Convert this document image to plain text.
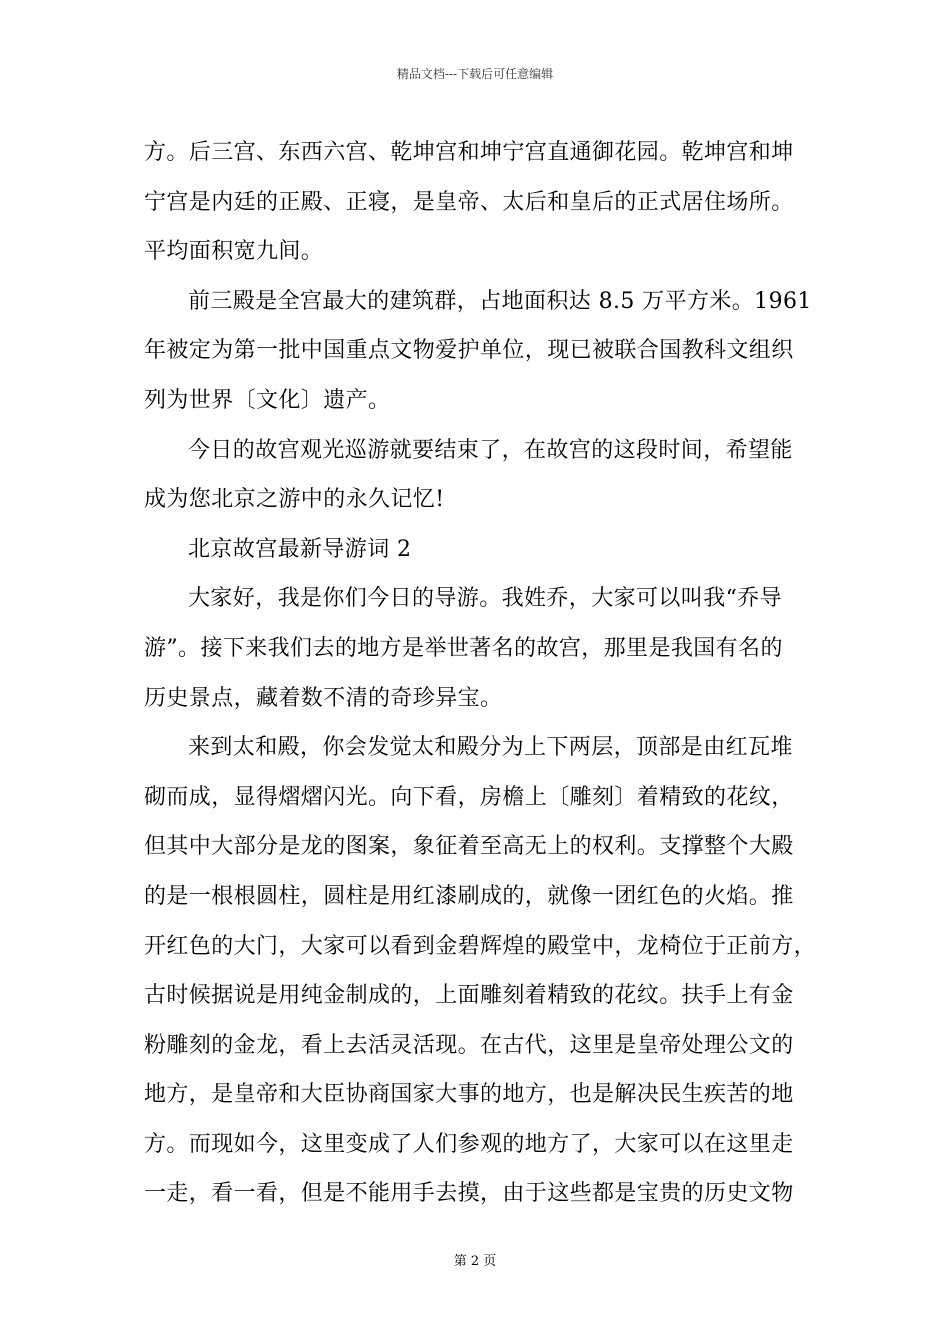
精品文档---下载后可任意编辑
方。后三宫、东西六宫、乾坤宫和坤宁宫直通御花园。乾坤宫和坤
宁宫是内廷的正殿、正寝，是皇帝、太后和皇后的正式居住场所。
平均面积宽九间。
前三殿是全宫最大的建筑群，占地面积达 8.5 万平方米。1961
年被定为第一批中国重点文物爱护单位，现已被联合国教科文组织
列为世界〔文化〕遗产。
今日的故宫观光巡游就要结束了，在故宫的这段时间，希望能
成为您北京之游中的永久记忆!
北京故宫最新导游词 2
大家好，我是你们今日的导游。我姓乔，大家可以叫我“乔导
游”。接下来我们去的地方是举世著名的故宫，那里是我国有名的
历史景点，藏着数不清的奇珍异宝。
来到太和殿，你会发觉太和殿分为上下两层，顶部是由红瓦堆
砌而成，显得熠熠闪光。向下看，房檐上〔雕刻〕着精致的花纹，
但其中大部分是龙的图案，象征着至高无上的权利。支撑整个大殿
的是一根根圆柱，圆柱是用红漆刷成的，就像一团红色的火焰。推
开红色的大门，大家可以看到金碧辉煌的殿堂中，龙椅位于正前方，
古时候据说是用纯金制成的，上面雕刻着精致的花纹。扶手上有金
粉雕刻的金龙，看上去活灵活现。在古代，这里是皇帝处理公文的
地方，是皇帝和大臣协商国家大事的地方，也是解决民生疾苦的地
方。而现如今，这里变成了人们参观的地方了，大家可以在这里走
一走，看一看，但是不能用手去摸，由于这些都是宝贵的历史文物
第 2 页
